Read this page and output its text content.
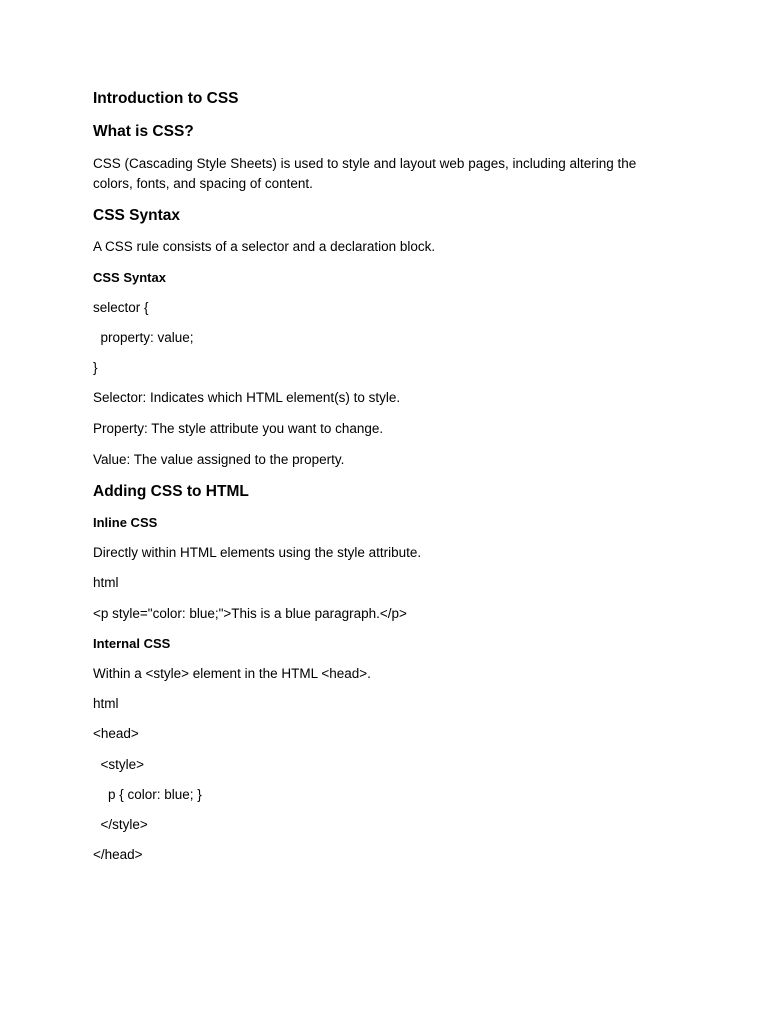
Introduction to CSS
What is CSS?
CSS (Cascading Style Sheets) is used to style and layout web pages, including altering the colors, fonts, and spacing of content.
CSS Syntax
A CSS rule consists of a selector and a declaration block.
CSS Syntax
selector {
property: value;
}
Selector: Indicates which HTML element(s) to style.
Property: The style attribute you want to change.
Value: The value assigned to the property.
Adding CSS to HTML
Inline CSS
Directly within HTML elements using the style attribute.
html
<p style="color: blue;">This is a blue paragraph.</p>
Internal CSS
Within a <style> element in the HTML <head>.
html
<head>
<style>
p { color: blue; }
</style>
</head>
